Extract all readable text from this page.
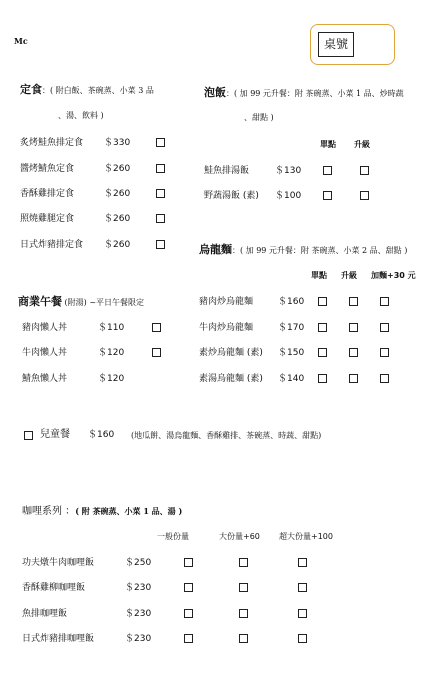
Mc	桌號
定食：( 附白飯、茶碗蒸、小菜 3 品
、湯、飲料 )
炙烤鮭魚排定食 ＄330
醬烤鯖魚定食	＄260
香酥雞排定食	＄260
照燒雞腿定食	＄260
日式炸豬排定食 ＄260
泡飯：( 加 99 元升餐：附 茶碗蒸、小菜 1 品、炒時蔬
、甜點 )
單點 升級
鮭魚排湯飯	＄130
野蔬湯飯 (素) ＄100
烏龍麵：( 加 99 元升餐：附 茶碗蒸、小菜 2 品、甜點 )
單點 升級 加麵+30 元
豬肉炒烏龍麵	＄160
牛肉炒烏龍麵	＄170
素炒烏龍麵 (素) ＄150
素湯烏龍麵 (素) ＄140
商業午餐 (附湯) ~平日午餐限定
豬肉懶人丼	＄110
牛肉懶人丼	＄120
鯖魚懶人丼	＄120
兒童餐 ＄160 (地瓜餅、湯烏龍麵、香酥雞排、茶碗蒸、時蔬、甜點)
咖哩系列 ：( 附 茶碗蒸、小菜 1 品、湯 )
一般份量	大份量+60 超大份量+100
功夫燉牛肉咖哩飯	＄250
香酥雞柳咖哩飯	＄230
魚排咖哩飯	＄230
日式炸豬排咖哩飯	＄230
